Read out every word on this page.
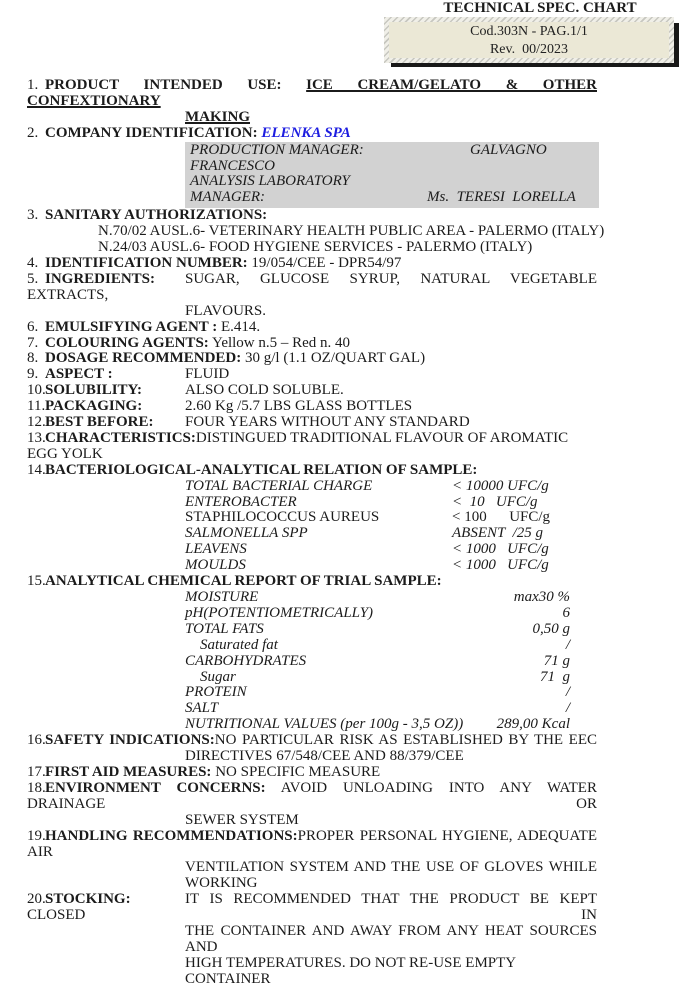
TECHNICAL SPEC. CHART
Cod.303N - PAG.1/1
Rev.  00/2023
1. PRODUCT INTENDED USE: ICE CREAM/GELATO & OTHER CONFEXTIONARY
MAKING
2. COMPANY IDENTIFICATION: ELENKA SPA
PRODUCTION MANAGER:	GALVAGNO FRANCESCO
ANALYSIS LABORATORY MANAGER:	Ms.  TERESI  LORELLA
3. SANITARY AUTHORIZATIONS:
N.70/02 AUSL.6- VETERINARY HEALTH PUBLIC AREA - PALERMO (ITALY)
N.24/03 AUSL.6- FOOD HYGIENE SERVICES - PALERMO (ITALY)
4. IDENTIFICATION NUMBER: 19/054/CEE - DPR54/97
5. INGREDIENTS: SUGAR, GLUCOSE SYRUP, NATURAL VEGETABLE EXTRACTS,
FLAVOURS.
6. EMULSIFYING AGENT : E.414.
7. COLOURING AGENTS: Yellow n.5 – Red n. 40
8. DOSAGE RECOMMENDED: 30 g/l (1.1 OZ/QUART GAL)
9. ASPECT :	FLUID
10.SOLUBILITY:	ALSO COLD SOLUBLE.
11.PACKAGING:	2.60 Kg /5.7 LBS GLASS BOTTLES
12.BEST BEFORE: FOUR YEARS WITHOUT ANY STANDARD
13.CHARACTERISTICS:DISTINGUED TRADITIONAL FLAVOUR OF AROMATIC EGG YOLK
14.BACTERIOLOGICAL-ANALYTICAL RELATION OF SAMPLE:
TOTAL BACTERIAL CHARGE	< 10000 UFC/g
ENTEROBACTER	<  10   UFC/g
STAPHILOCOCCUS AUREUS	< 100      UFC/g
SALMONELLA SPP	ABSENT  /25 g
LEAVENS	< 1000   UFC/g
MOULDS	< 1000   UFC/g
15.ANALYTICAL CHEMICAL REPORT OF TRIAL SAMPLE:
MOISTURE	max30 %
pH(POTENTIOMETRICALLY)	6
TOTAL FATS	0,50 g
Saturated fat	/
CARBOHYDRATES	71 g
Sugar	71  g
PROTEIN	/
SALT	/
NUTRITIONAL VALUES (per 100g - 3,5 OZ)) 289,00 Kcal
16.SAFETY INDICATIONS:NO PARTICULAR RISK AS ESTABLISHED BY THE EEC
DIRECTIVES 67/548/CEE AND 88/379/CEE
17.FIRST AID MEASURES: NO SPECIFIC MEASURE
18.ENVIRONMENT CONCERNS: AVOID UNLOADING INTO ANY WATER DRAINAGE OR
SEWER SYSTEM
19.HANDLING RECOMMENDATIONS:PROPER PERSONAL HYGIENE, ADEQUATE AIR
VENTILATION SYSTEM AND THE USE OF GLOVES WHILE
WORKING
20.STOCKING:	IT IS RECOMMENDED THAT THE PRODUCT BE KEPT CLOSED IN
THE CONTAINER AND AWAY FROM ANY HEAT SOURCES AND
HIGH TEMPERATURES. DO NOT RE-USE EMPTY CONTAINER
